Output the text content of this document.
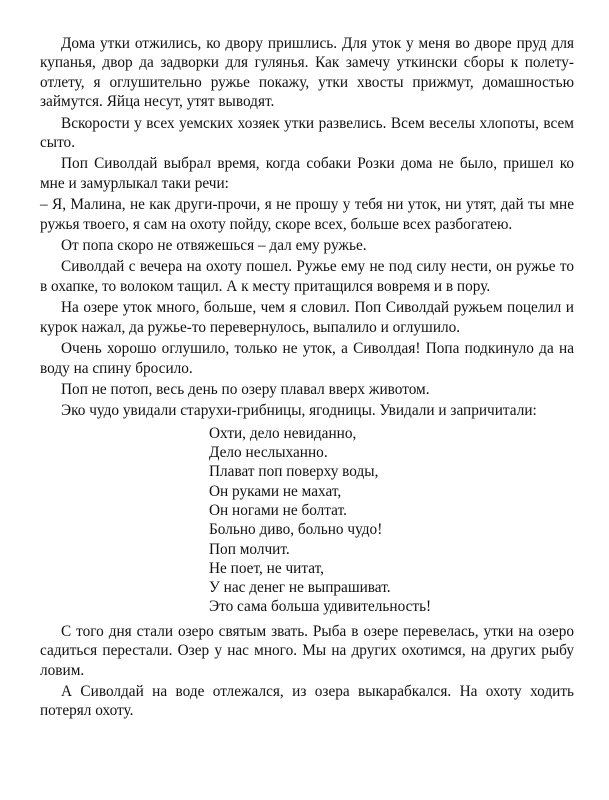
Дома утки отжились, ко двору пришлись. Для уток у меня во дворе пруд для купанья, двор да задворки для гулянья. Как замечу уткински сборы к полету-отлету, я оглушительно ружье покажу, утки хвосты прижмут, домашностью займутся. Яйца несут, утят выводят.

Вскорости у всех уемских хозяек утки развелись. Всем веселы хлопоты, всем сыто.

Поп Сиволдай выбрал время, когда собаки Розки дома не было, пришел ко мне и замурлыкал таки речи:

– Я, Малина, не как други-прочи, я не прошу у тебя ни уток, ни утят, дай ты мне ружья твоего, я сам на охоту пойду, скоре всех, больше всех разбогатею.

От попа скоро не отвяжешься – дал ему ружье.

Сиволдай с вечера на охоту пошел. Ружье ему не под силу нести, он ружье то в охапке, то волоком тащил. А к месту притащился вовремя и в пору.

На озере уток много, больше, чем я словил. Поп Сиволдай ружьем поцелил и курок нажал, да ружье-то перевернулось, выпалило и оглушило.

Очень хорошо оглушило, только не уток, а Сиволдая! Попа подкинуло да на воду на спину бросило.

Поп не потоп, весь день по озеру плавал вверх животом.

Эко чудо увидали старухи-грибницы, ягодницы. Увидали и запричитали:

Охти, дело невиданно,
Дело неслыханно.
Плават поп поверху воды,
Он руками не махат,
Он ногами не болтат.
Больно диво, больно чудо!
Поп молчит.
Не поет, не читат,
У нас денег не выпрашиват.
Это сама больша удивительность!

С того дня стали озеро святым звать. Рыба в озере перевелась, утки на озеро садиться перестали. Озер у нас много. Мы на других охотимся, на других рыбу ловим.

А Сиволдай на воде отлежался, из озера выкарабкался. На охоту ходить потерял охоту.
